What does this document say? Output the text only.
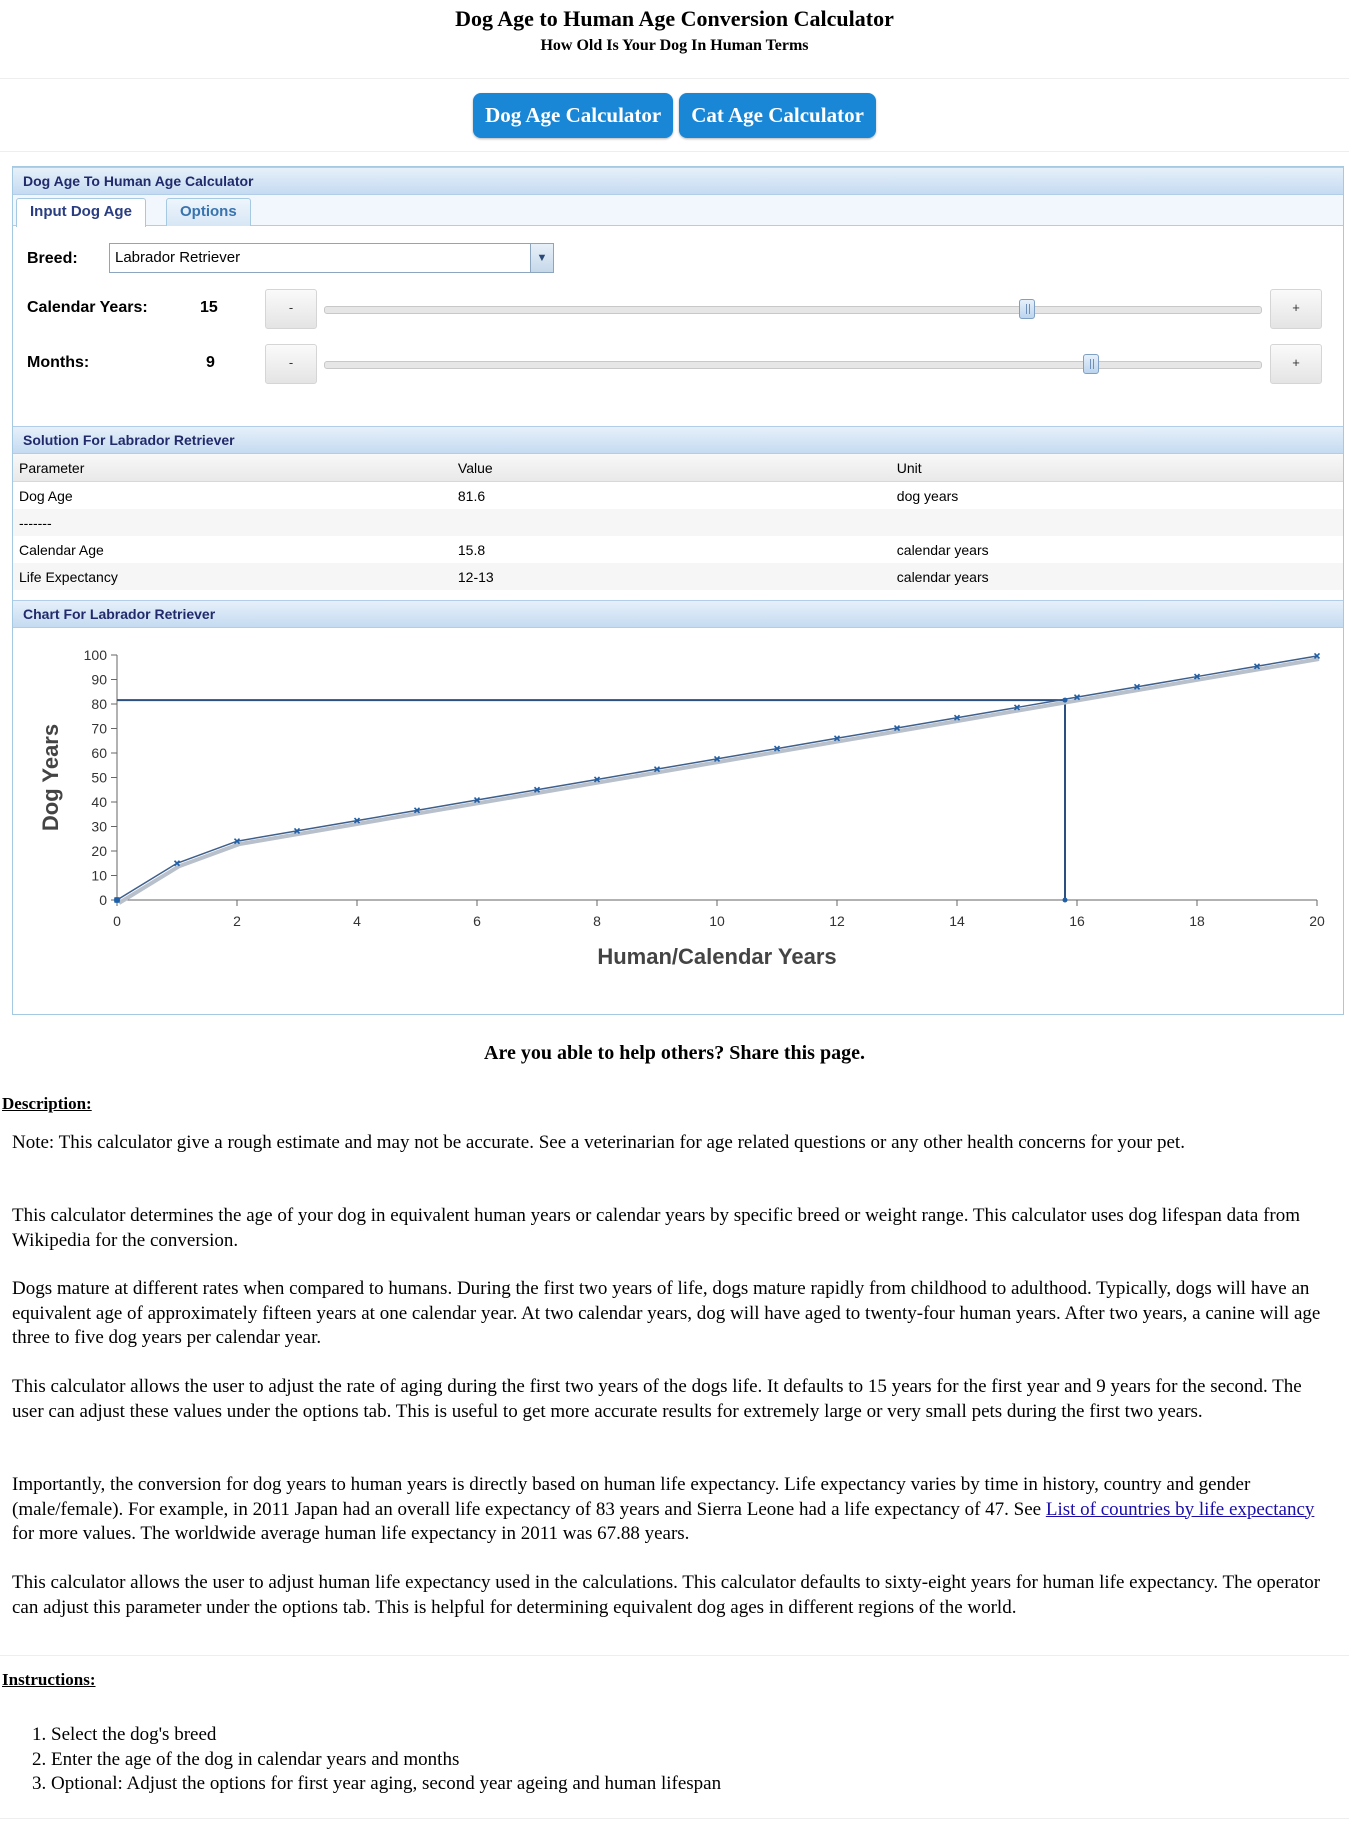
Dog Age to Human Age Conversion Calculator
How Old Is Your Dog In Human Terms
Dog Age Calculator Cat Age Calculator
Dog Age To Human Age Calculator
Input Dog Age	Options
Breed:	Labrador Retriever	▼
Calendar Years:	15	-	+
Months:	9	-	+
Solution For Labrador Retriever
Parameter	Value	Unit
Dog Age	81.6	dog years
-------		
Calendar Age	15.8	calendar years
Life Expectancy	12-13	calendar years
Chart For Labrador Retriever
0
10
20
30
40
50
60
70
80
90
100
0	2	4	6	8	10	12	14	16	18	20
Human/Calendar Years
Dog Years
Are you able to help others? Share this page.
Description:

Note: This calculator give a rough estimate and may not be accurate. See a veterinarian for age related questions or any other health concerns for your pet.

This calculator determines the age of your dog in equivalent human years or calendar years by specific breed or weight range. This calculator uses dog lifespan data from Wikipedia for the conversion.

Dogs mature at different rates when compared to humans. During the first two years of life, dogs mature rapidly from childhood to adulthood. Typically, dogs will have an equivalent age of approximately fifteen years at one calendar year. At two calendar years, dog will have aged to twenty-four human years. After two years, a canine will age three to five dog years per calendar year.

This calculator allows the user to adjust the rate of aging during the first two years of the dogs life. It defaults to 15 years for the first year and 9 years for the second. The user can adjust these values under the options tab. This is useful to get more accurate results for extremely large or very small pets during the first two years.

Importantly, the conversion for dog years to human years is directly based on human life expectancy. Life expectancy varies by time in history, country and gender (male/female). For example, in 2011 Japan had an overall life expectancy of 83 years and Sierra Leone had a life expectancy of 47. See List of countries by life expectancy for more values. The worldwide average human life expectancy in 2011 was 67.88 years.

This calculator allows the user to adjust human life expectancy used in the calculations. This calculator defaults to sixty-eight years for human life expectancy. The operator can adjust this parameter under the options tab. This is helpful for determining equivalent dog ages in different regions of the world.

Instructions:
1. Select the dog's breed
2. Enter the age of the dog in calendar years and months
3. Optional: Adjust the options for first year aging, second year ageing and human lifespan
